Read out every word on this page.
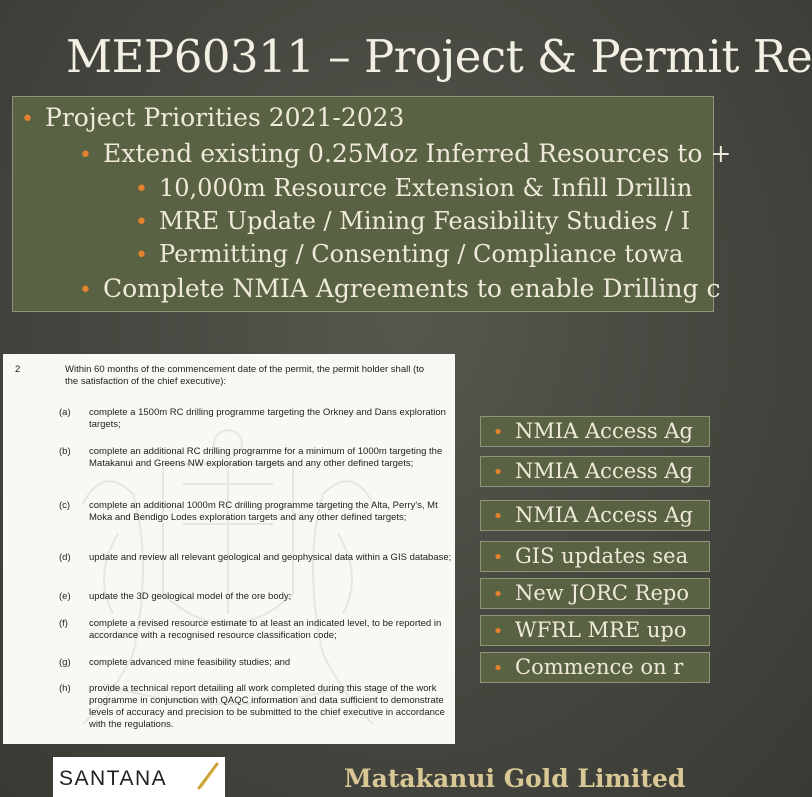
MEP60311 – Project & Permit Re
• Project Priorities 2021-2023
• Extend existing 0.25Moz Inferred Resources to +
• 10,000m Resource Extension & Infill Drillin
• MRE Update / Mining Feasibility Studies / I
• Permitting / Consenting / Compliance towa
• Complete NMIA Agreements to enable Drilling c
2	Within 60 months of the commencement date of the permit, the permit holder shall (to the satisfaction of the chief executive):
(a)	complete a 1500m RC drilling programme targeting the Orkney and Dans exploration targets;
(b)	complete an additional RC drilling programme for a minimum of 1000m targeting the Matakanui and Greens NW exploration targets and any other defined targets;
(c)	complete an additional 1000m RC drilling programme targeting the Alta, Perry's, Mt Moka and Bendigo Lodes exploration targets and any other defined targets;
(d)	update and review all relevant geological and geophysical data within a GIS database;
(e)	update the 3D geological model of the ore body;
(f)	complete a revised resource estimate to at least an indicated level, to be reported in accordance with a recognised resource classification code;
(g)	complete advanced mine feasibility studies; and
(h)	provide a technical report detailing all work completed during this stage of the work programme in conjunction with QAQC information and data sufficient to demonstrate levels of accuracy and precision to be submitted to the chief executive in accordance with the regulations.
• NMIA Access Ag
• NMIA Access Ag
• NMIA Access Ag
• GIS updates sea
• New JORC Repo
• WFRL MRE upo
• Commence on r
SANTANA	Matakanui Gold Limited
